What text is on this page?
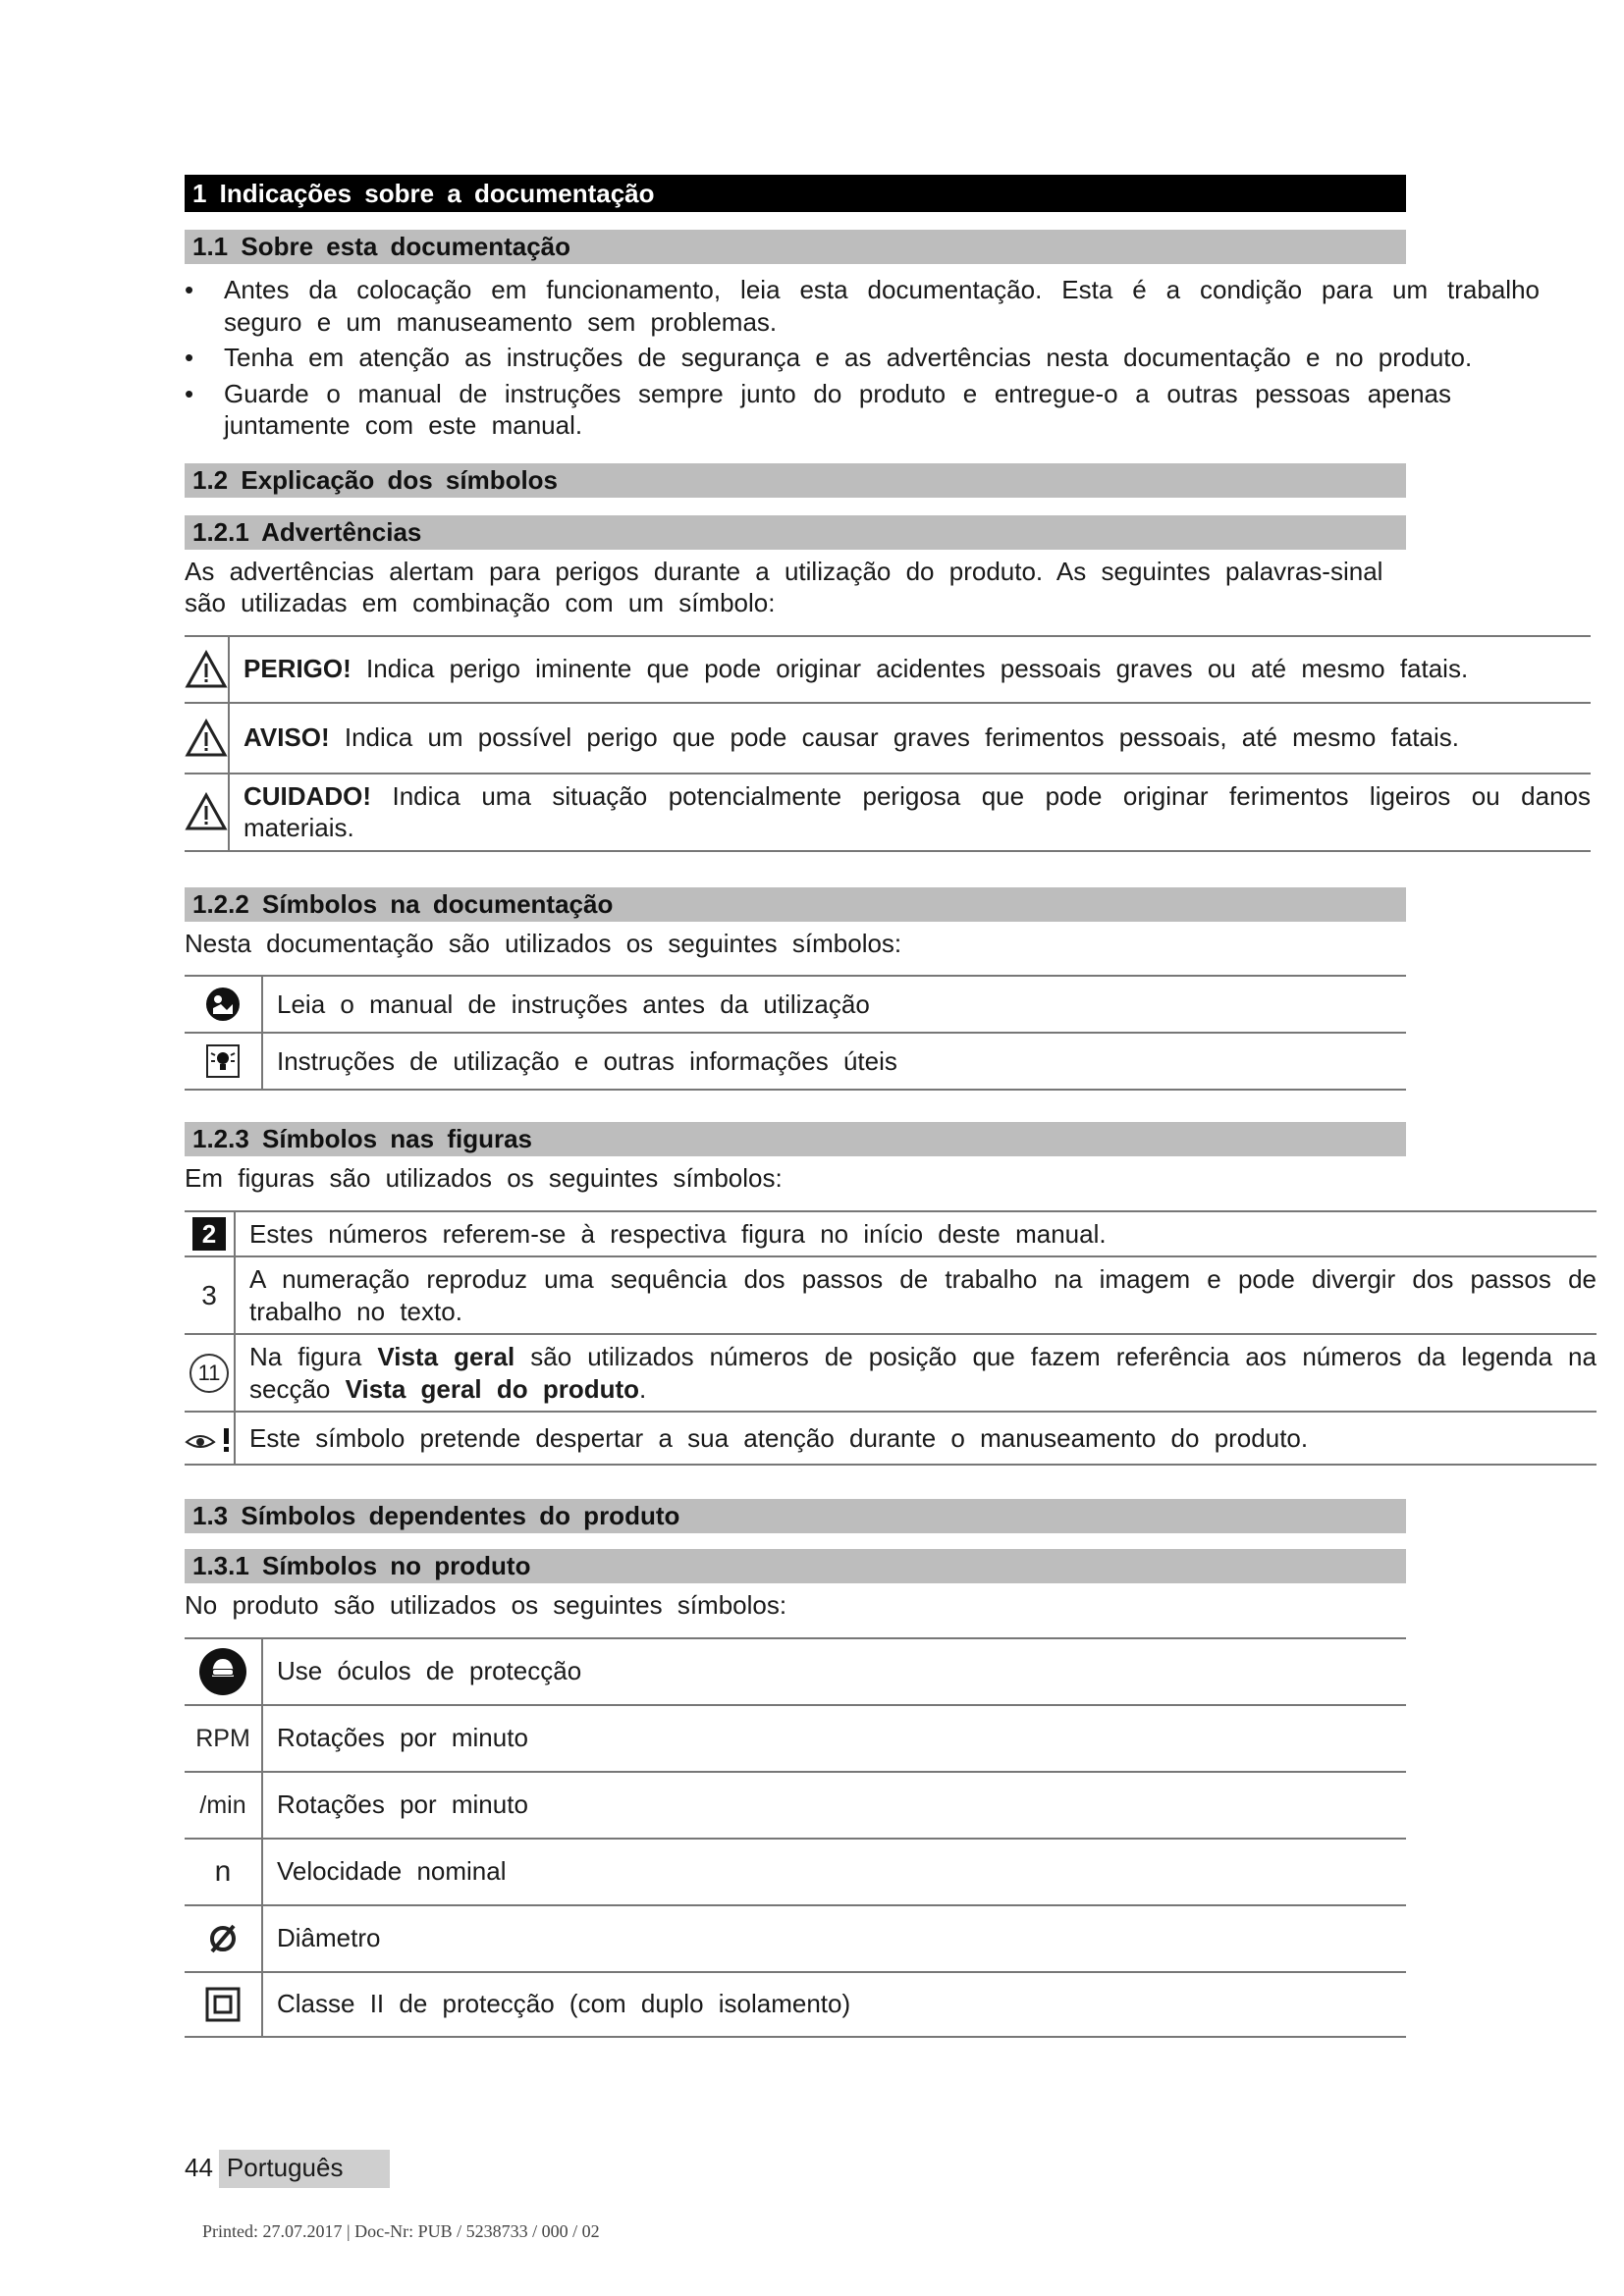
1 Indicações sobre a documentação
1.1 Sobre esta documentação
•	Antes da colocação em funcionamento, leia esta documentação. Esta é a condição para um trabalho seguro e um manuseamento sem problemas.
•	Tenha em atenção as instruções de segurança e as advertências nesta documentação e no produto.
•	Guarde o manual de instruções sempre junto do produto e entregue-o a outras pessoas apenas juntamente com este manual.
1.2 Explicação dos símbolos
1.2.1 Advertências
As advertências alertam para perigos durante a utilização do produto. As seguintes palavras-sinal são utilizadas em combinação com um símbolo:

PERIGO! Indica perigo iminente que pode originar acidentes pessoais graves ou até mesmo fatais.

AVISO! Indica um possível perigo que pode causar graves ferimentos pessoais, até mesmo fatais.

CUIDADO! Indica uma situação potencialmente perigosa que pode originar ferimentos ligeiros ou danos materiais.
1.2.2 Símbolos na documentação
Nesta documentação são utilizados os seguintes símbolos:
	Leia o manual de instruções antes da utilização
	Instruções de utilização e outras informações úteis
1.2.3 Símbolos nas figuras
Em figuras são utilizados os seguintes símbolos:
2	Estes números referem-se à respectiva figura no início deste manual.
3	A numeração reproduz uma sequência dos passos de trabalho na imagem e pode divergir dos passos de trabalho no texto.

11	Na figura Vista geral são utilizados números de posição que fazem referência aos números da legenda na secção Vista geral do produto.

	Este símbolo pretende despertar a sua atenção durante o manuseamento do produto.
1.3 Símbolos dependentes do produto
1.3.1 Símbolos no produto
No produto são utilizados os seguintes símbolos:
	Use óculos de protecção
RPM	Rotações por minuto
/min	Rotações por minuto
n	Velocidade nominal
	Diâmetro
	Classe II de protecção (com duplo isolamento)
44 Português
Printed: 27.07.2017 | Doc-Nr: PUB / 5238733 / 000 / 02
